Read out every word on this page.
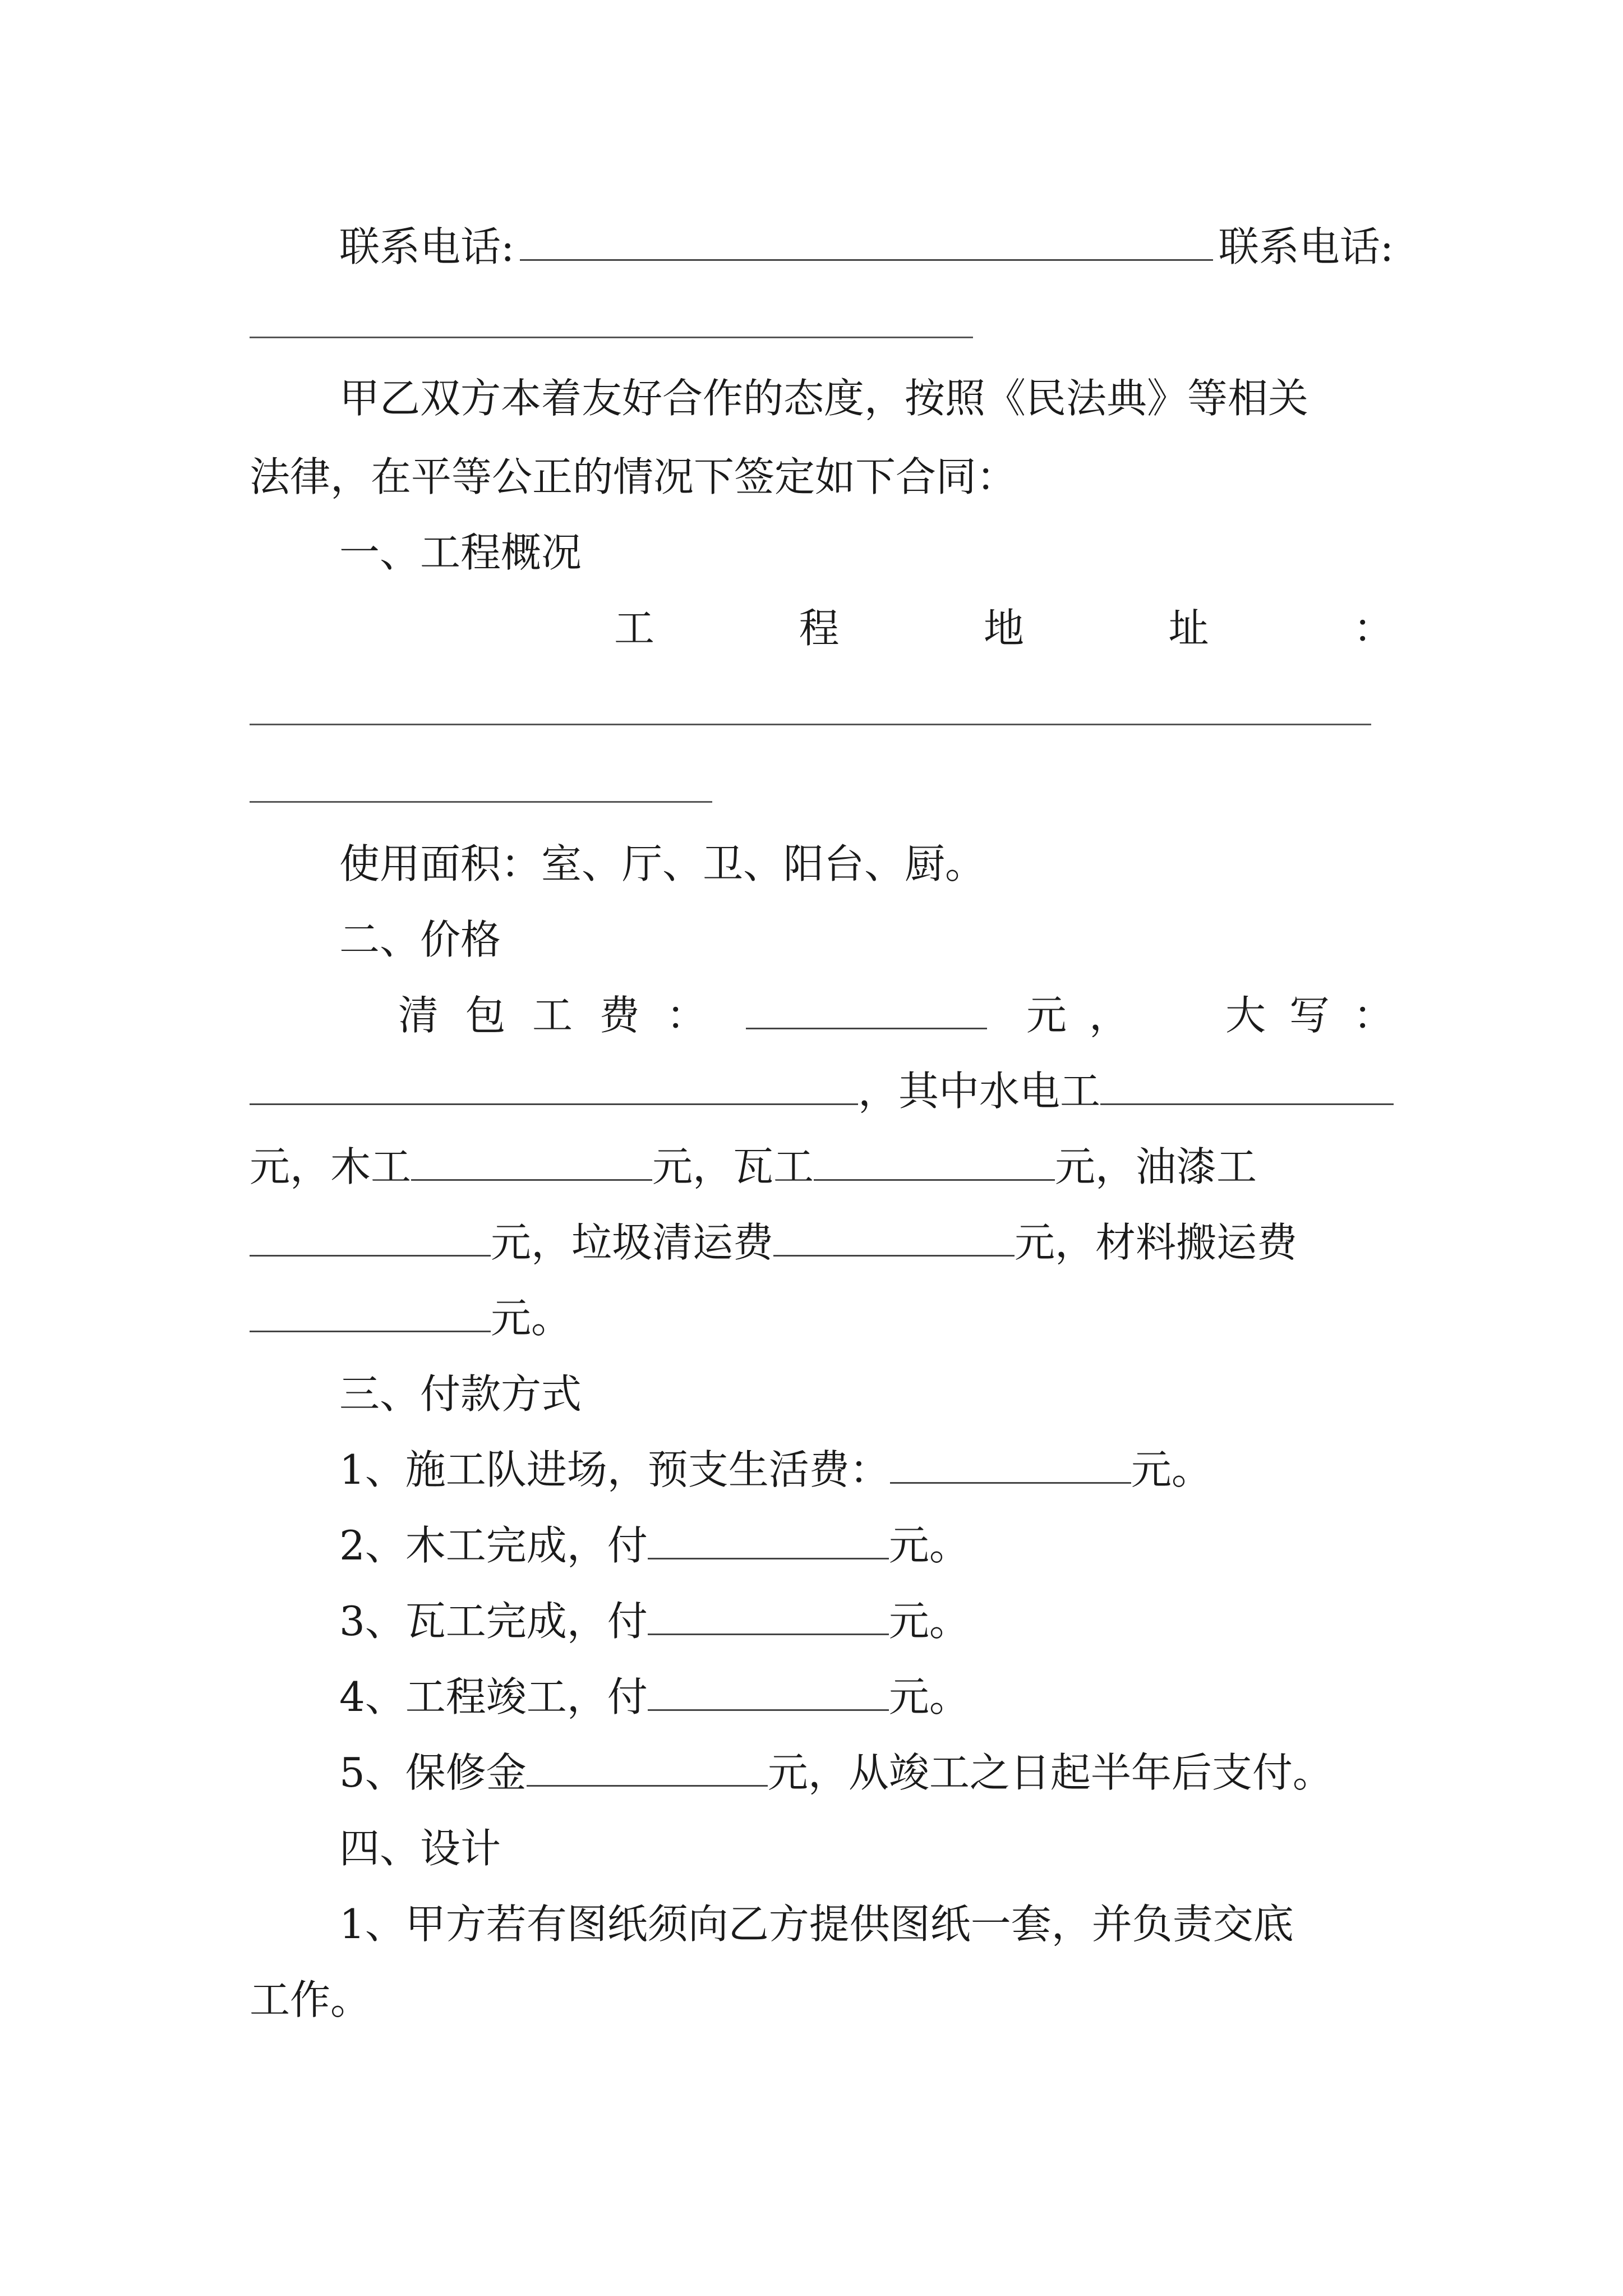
联系电话:	联系电话:
甲乙双方本着友好合作的态度，按照《民法典》等相关
法律，在平等公正的情况下签定如下合同：
一、工程概况
工	程	地	址	：
使用面积：室、厅、卫、阳台、厨。
二、价格
清 包 工 费 ：	元 ， 大 写 ：
，其中水电工
元，木工	元，瓦工	元，油漆工
元，垃圾清运费	元，材料搬运费
元。
三、付款方式
1、施工队进场，预支生活费：	元。
2、木工完成，付	元。
3、瓦工完成，付	元。
4、工程竣工，付	元。
5、保修金	元，从竣工之日起半年后支付。
四、设计
1、甲方若有图纸须向乙方提供图纸一套，并负责交底
工作。
